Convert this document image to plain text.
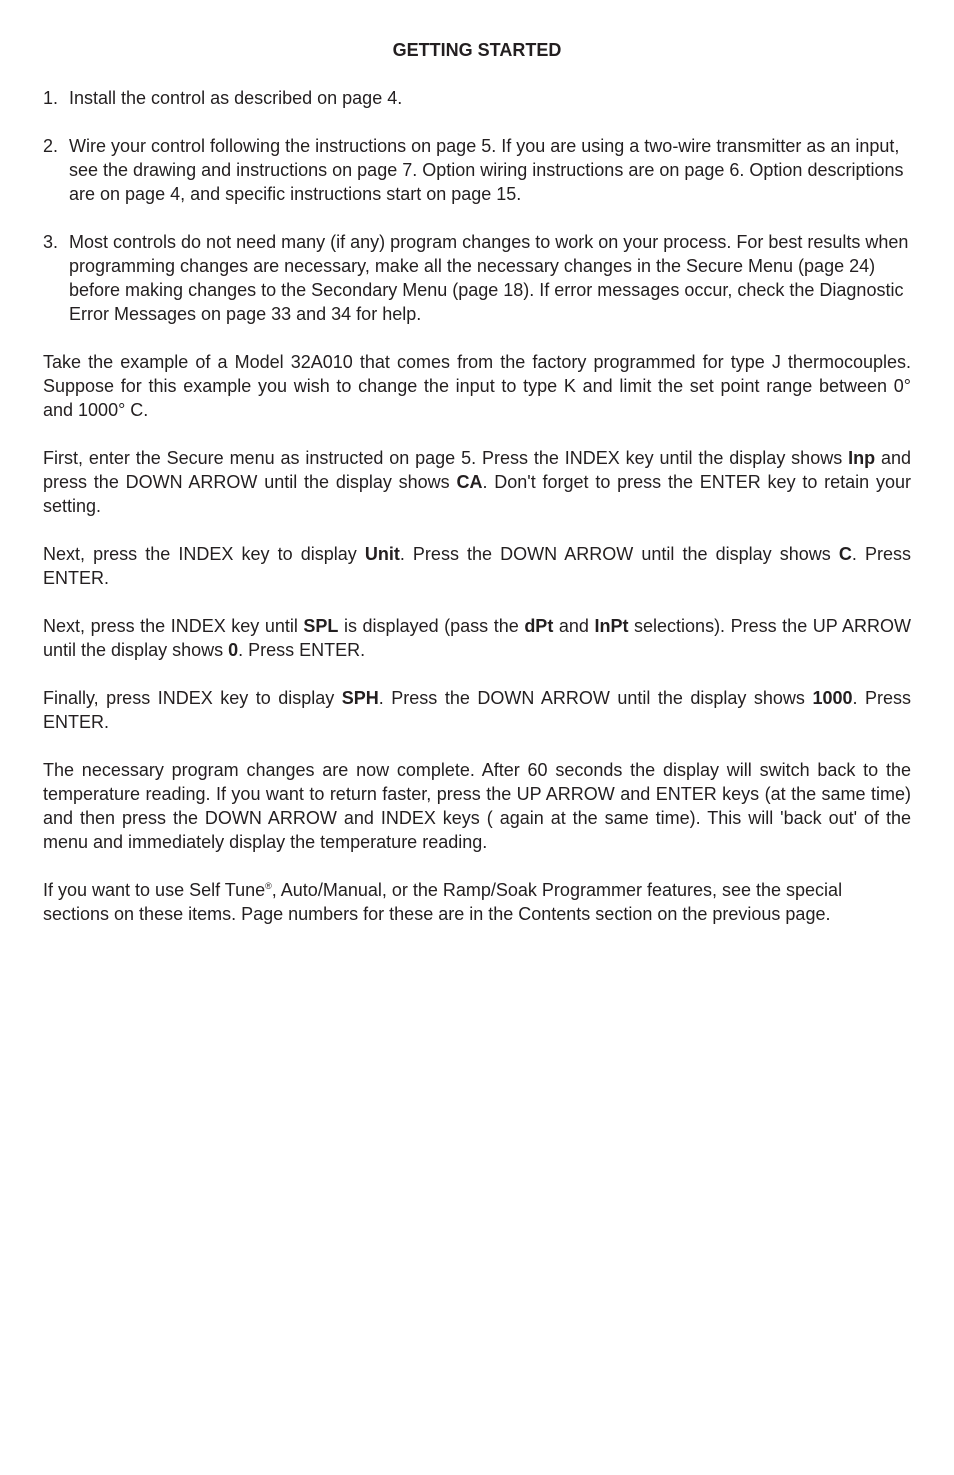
GETTING STARTED
1. Install the control as described on page 4.
2. Wire your control following the instructions on page 5. If you are using a two-wire transmitter as an input, see the drawing and instructions on page 7. Option wiring instructions are on page 6. Option descriptions are on page 4, and specific instructions start on page 15.
3. Most controls do not need many (if any) program changes to work on your process. For best results when programming changes are necessary, make all the necessary changes in the Secure Menu (page 24) before making changes to the Secondary Menu (page 18). If error messages occur, check the Diagnostic Error Messages on page 33 and 34 for help.

Take the example of a Model 32A010 that comes from the factory programmed for type J thermocouples. Suppose for this example you wish to change the input to type K and limit the set point range between 0° and 1000° C.

First, enter the Secure menu as instructed on page 5. Press the INDEX key until the display shows Inp and press the DOWN ARROW until the display shows CA. Don't forget to press the ENTER key to retain your setting.

Next, press the INDEX key to display Unit. Press the DOWN ARROW until the display shows C. Press ENTER.

Next, press the INDEX key until SPL is displayed (pass the dPt and InPt selections). Press the UP ARROW until the display shows 0. Press ENTER.

Finally, press INDEX key to display SPH. Press the DOWN ARROW until the display shows 1000. Press ENTER.

The necessary program changes are now complete. After 60 seconds the display will switch back to the temperature reading. If you want to return faster, press the UP ARROW and ENTER keys (at the same time) and then press the DOWN ARROW and INDEX keys ( again at the same time). This will 'back out' of the menu and immediately display the temperature reading.

If you want to use Self Tune®, Auto/Manual, or the Ramp/Soak Programmer features, see the special sections on these items. Page numbers for these are in the Contents section on the previous page.
